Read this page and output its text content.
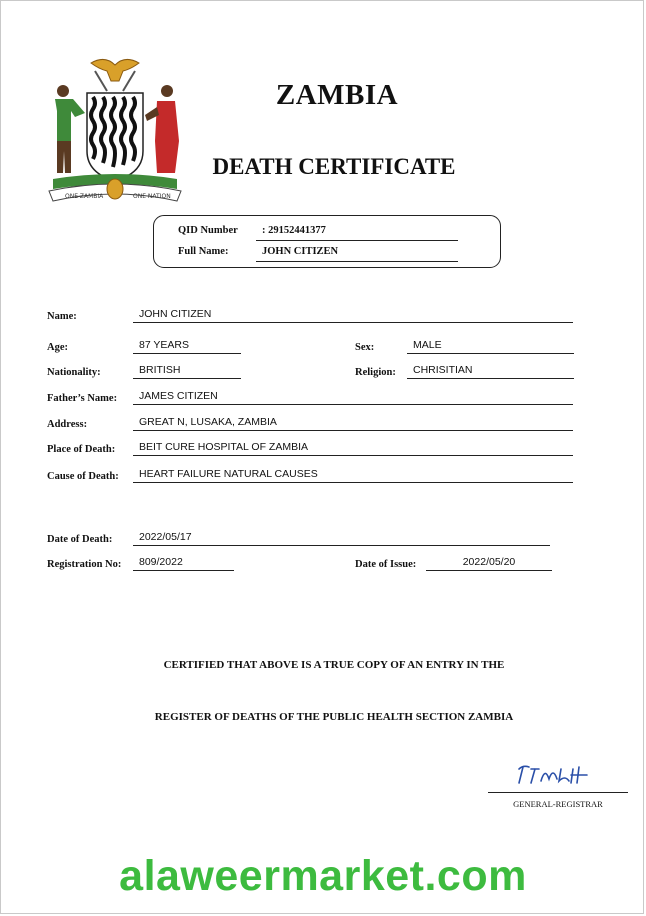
ONE ZAMBIA	ONE NATION
ZAMBIA
DEATH CERTIFICATE
QID Number : 29152441377
Full Name:	JOHN CITIZEN
Name:	JOHN CITIZEN
Age:	87 YEARS	Sex:	MALE
Nationality:	BRITISH	Religion: CHRISITIAN
Father’s Name: JAMES CITIZEN
Address:	GREAT N, LUSAKA, ZAMBIA
Place of Death: BEIT CURE HOSPITAL OF ZAMBIA
Cause of Death: HEART FAILURE NATURAL CAUSES
Date of Death:	2022/05/17
Registration No: 809/2022	Date of Issue:	2022/05/20
CERTIFIED THAT ABOVE IS A TRUE COPY OF AN ENTRY IN THE
REGISTER OF DEATHS OF THE PUBLIC HEALTH SECTION ZAMBIA
GENERAL-REGISTRAR
alaweermarket.com
